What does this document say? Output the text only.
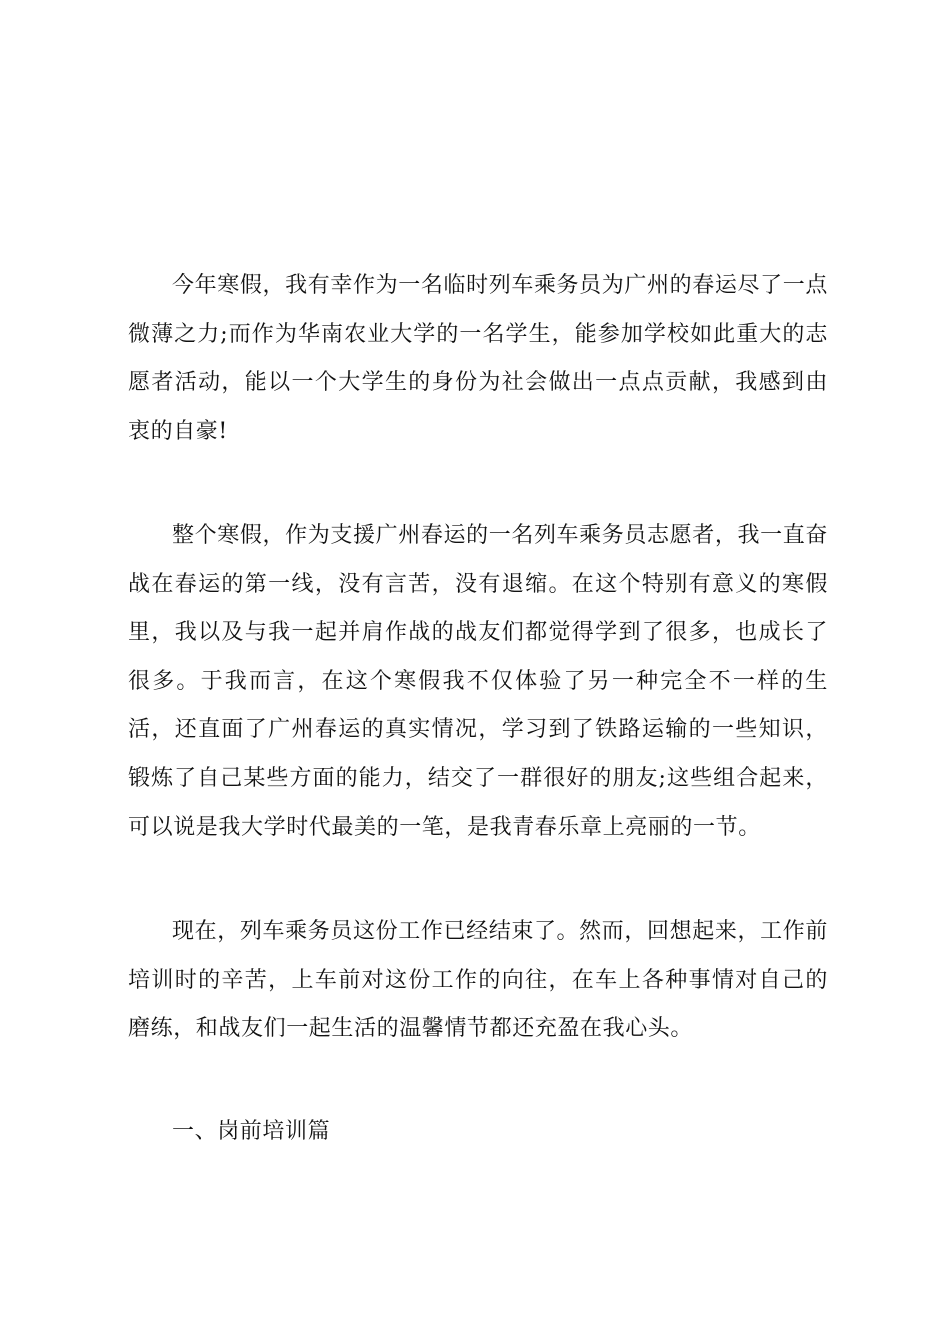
今年寒假，我有幸作为一名临时列车乘务员为广州的春运尽了一点微薄之力;而作为华南农业大学的一名学生，能参加学校如此重大的志愿者活动，能以一个大学生的身份为社会做出一点点贡献，我感到由衷的自豪!

整个寒假，作为支援广州春运的一名列车乘务员志愿者，我一直奋战在春运的第一线，没有言苦，没有退缩。在这个特别有意义的寒假里，我以及与我一起并肩作战的战友们都觉得学到了很多，也成长了很多。于我而言，在这个寒假我不仅体验了另一种完全不一样的生活，还直面了广州春运的真实情况，学习到了铁路运输的一些知识，锻炼了自己某些方面的能力，结交了一群很好的朋友;这些组合起来，可以说是我大学时代最美的一笔，是我青春乐章上亮丽的一节。

现在，列车乘务员这份工作已经结束了。然而，回想起来，工作前培训时的辛苦，上车前对这份工作的向往，在车上各种事情对自己的磨练，和战友们一起生活的温馨情节都还充盈在我心头。

一、岗前培训篇
